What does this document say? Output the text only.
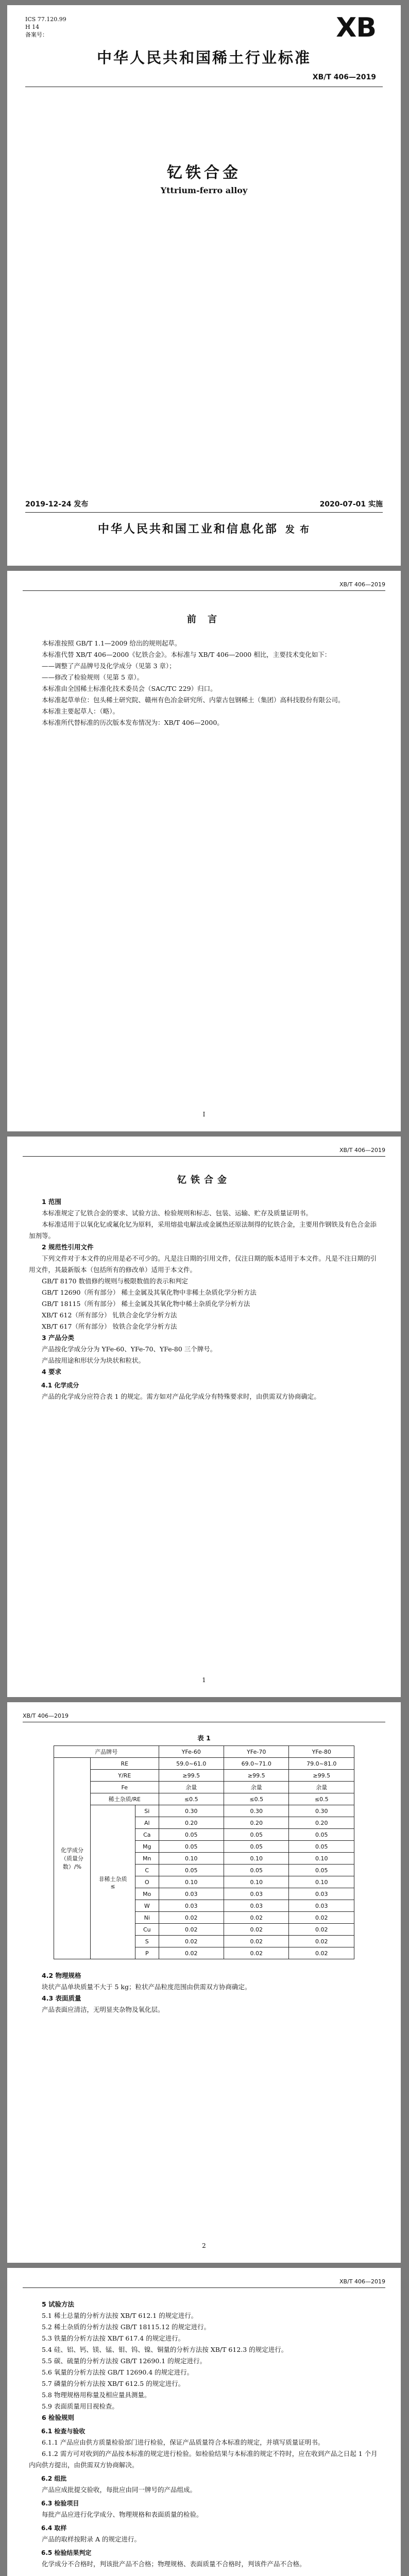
ICS 77.120.99
H 14
备案号：	XB
中华人民共和国稀土行业标准
XB/T 406—2019
钇铁合金
Yttrium-ferro alloy
2019-12-24 发布	2020-07-01 实施
中华人民共和国工业和信息化部 发 布
XB/T 406—2019
前 言

本标准按照 GB/T 1.1—2009 给出的规则起草。

本标准代替 XB/T 406—2000《钇铁合金》。本标准与 XB/T 406—2000 相比，主要技术变化如下：

——调整了产品牌号及化学成分（见第 3 章）；

——修改了检验规则（见第 5 章）。

本标准由全国稀土标准化技术委员会（SAC/TC 229）归口。

本标准起草单位：包头稀土研究院、赣州有色冶金研究所、内蒙古包钢稀土（集团）高科技股份有限公司。

本标准主要起草人：（略）。

本标准所代替标准的历次版本发布情况为：XB/T 406—2000。

Ⅰ
XB/T 406—2019
钇铁合金

1 范围

本标准规定了钇铁合金的要求、试验方法、检验规则和标志、包装、运输、贮存及质量证明书。

本标准适用于以氧化钇或氟化钇为原料，采用熔盐电解法或金属热还原法制得的钇铁合金，主要用作钢铁及有色合金添加剂等。

2 规范性引用文件

下列文件对于本文件的应用是必不可少的。凡是注日期的引用文件，仅注日期的版本适用于本文件。凡是不注日期的引用文件，其最新版本（包括所有的修改单）适用于本文件。

GB/T 8170 数值修约规则与极限数值的表示和判定

GB/T 12690（所有部分） 稀土金属及其氧化物中非稀土杂质化学分析方法

GB/T 18115（所有部分） 稀土金属及其氧化物中稀土杂质化学分析方法

XB/T 612（所有部分） 钆铁合金化学分析方法

XB/T 617（所有部分） 钕铁合金化学分析方法

3 产品分类

产品按化学成分分为 YFe-60、YFe-70、YFe-80 三个牌号。

产品按用途和形状分为块状和粒状。

4 要求

4.1 化学成分

产品的化学成分应符合表 1 的规定。需方如对产品化学成分有特殊要求时，由供需双方协商确定。

1
XB/T 406—2019
表 1
产品牌号			YFe-60	YFe-70	YFe-80
化学成分（质量分数）/%	RE		59.0~61.0	69.0~71.0	79.0~81.0
	Y/RE		≥99.5	≥99.5	≥99.5
	Fe		余量	余量	余量
	稀土杂质/RE		≤0.5	≤0.5	≤0.5
	非稀土杂质
≤	Si	0.30	0.30	0.30
		Al	0.20	0.20	0.20
		Ca	0.05	0.05	0.05
		Mg	0.05	0.05	0.05
		Mn	0.10	0.10	0.10
		C	0.05	0.05	0.05
		O	0.10	0.10	0.10
		Mo	0.03	0.03	0.03
		W	0.03	0.03	0.03
		Ni	0.02	0.02	0.02
		Cu	0.02	0.02	0.02
		S	0.02	0.02	0.02
		P	0.02	0.02	0.02

4.2 物理规格

块状产品单块质量不大于 5 kg；粒状产品粒度范围由供需双方协商确定。

4.3 表面质量

产品表面应清洁，无明显夹杂物及氧化层。

2
XB/T 406—2019

5 试验方法

5.1 稀土总量的分析方法按 XB/T 612.1 的规定进行。

5.2 稀土杂质的分析方法按 GB/T 18115.12 的规定进行。

5.3 铁量的分析方法按 XB/T 617.4 的规定进行。

5.4 硅、铝、钙、镁、锰、钼、钨、镍、铜量的分析方法按 XB/T 612.3 的规定进行。

5.5 碳、硫量的分析方法按 GB/T 12690.1 的规定进行。

5.6 氧量的分析方法按 GB/T 12690.4 的规定进行。

5.7 磷量的分析方法按 XB/T 612.5 的规定进行。

5.8 物理规格用称量及相应量具测量。

5.9 表面质量用目视检查。

6 检验规则

6.1 检查与验收

6.1.1 产品应由供方质量检验部门进行检验，保证产品质量符合本标准的规定，并填写质量证明书。

6.1.2 需方可对收到的产品按本标准的规定进行检验。如检验结果与本标准的规定不符时，应在收到产品之日起 1 个月内向供方提出，由供需双方协商解决。

6.2 组批

产品应成批提交验收，每批应由同一牌号的产品组成。

6.3 检验项目

每批产品应进行化学成分、物理规格和表面质量的检验。

6.4 取样

产品的取样按附录 A 的规定进行。

6.5 检验结果判定

化学成分不合格时，判该批产品不合格；物理规格、表面质量不合格时，判该件产品不合格。
